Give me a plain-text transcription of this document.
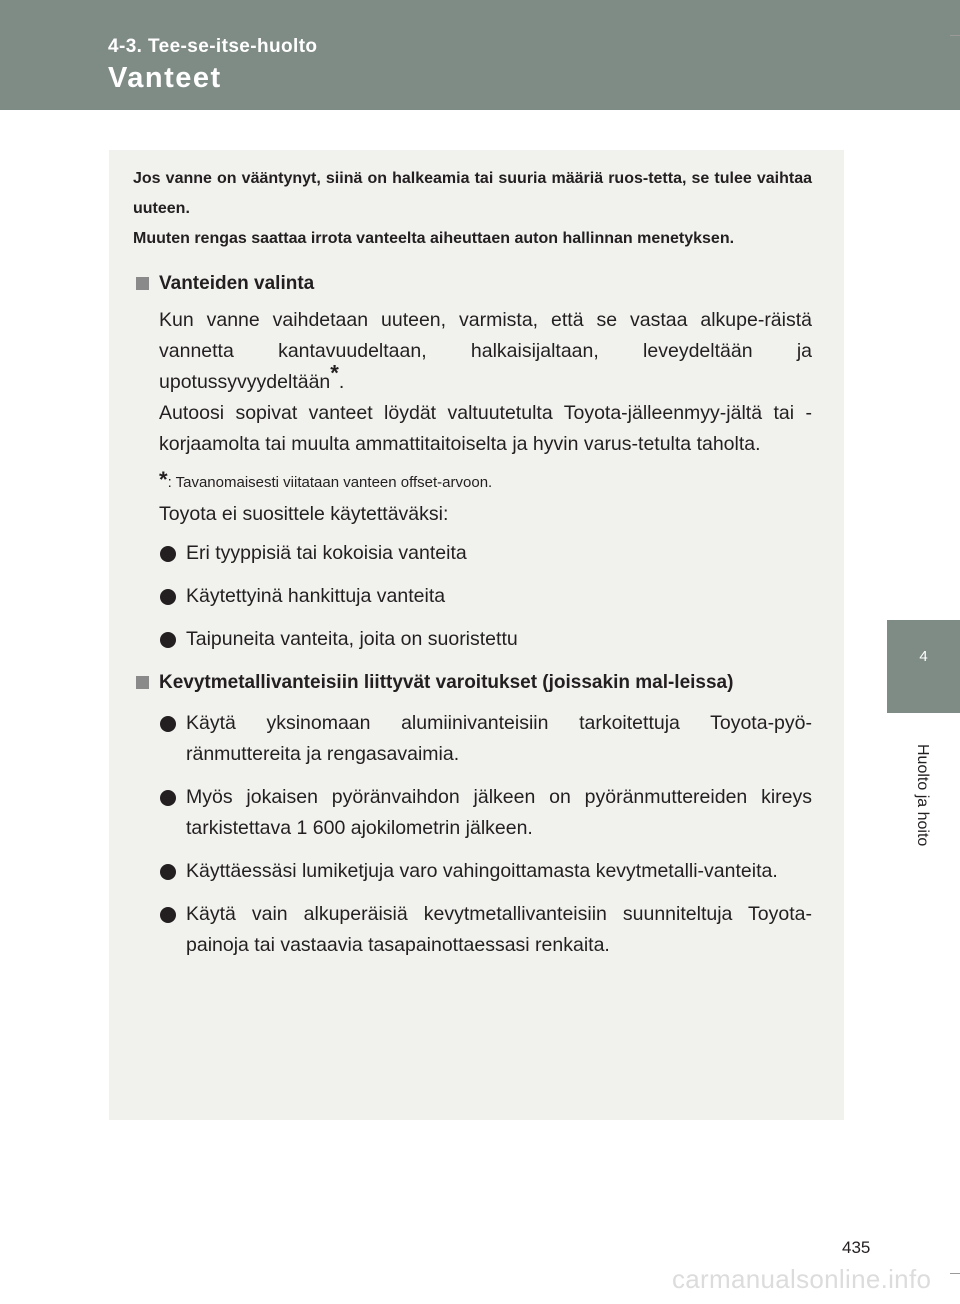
4-3. Tee-se-itse-huolto
Vanteet
4
Huolto ja hoito
Jos vanne on vääntynyt, siinä on halkeamia tai suuria määriä ruos-tetta, se tulee vaihtaa uuteen.
Muuten rengas saattaa irrota vanteelta aiheuttaen auton hallinnan menetyksen.
Vanteiden valinta

Kun vanne vaihdetaan uuteen, varmista, että se vastaa alkupe-räistä vannetta kantavuudeltaan, halkaisijaltaan, leveydeltään ja upotussyvyydeltään*.

Autoosi sopivat vanteet löydät valtuutetulta Toyota-jälleenmyy-jältä tai -korjaamolta tai muulta ammattitaitoiselta ja hyvin varus-tetulta taholta.

*: Tavanomaisesti viitataan vanteen offset-arvoon.
Toyota ei suosittele käytettäväksi:
Eri tyyppisiä tai kokoisia vanteita
Käytettyinä hankittuja vanteita
Taipuneita vanteita, joita on suoristettu
Kevytmetallivanteisiin liittyvät varoitukset (joissakin mal-leissa)
Käytä yksinomaan alumiinivanteisiin tarkoitettuja Toyota-pyö-ränmuttereita ja rengasavaimia.
Myös jokaisen pyöränvaihdon jälkeen on pyöränmuttereiden kireys tarkistettava 1 600 ajokilometrin jälkeen.
Käyttäessäsi lumiketjuja varo vahingoittamasta kevytmetalli-vanteita.
Käytä vain alkuperäisiä kevytmetallivanteisiin suunniteltuja Toyota-painoja tai vastaavia tasapainottaessasi renkaita.
435
carmanualsonline.info
